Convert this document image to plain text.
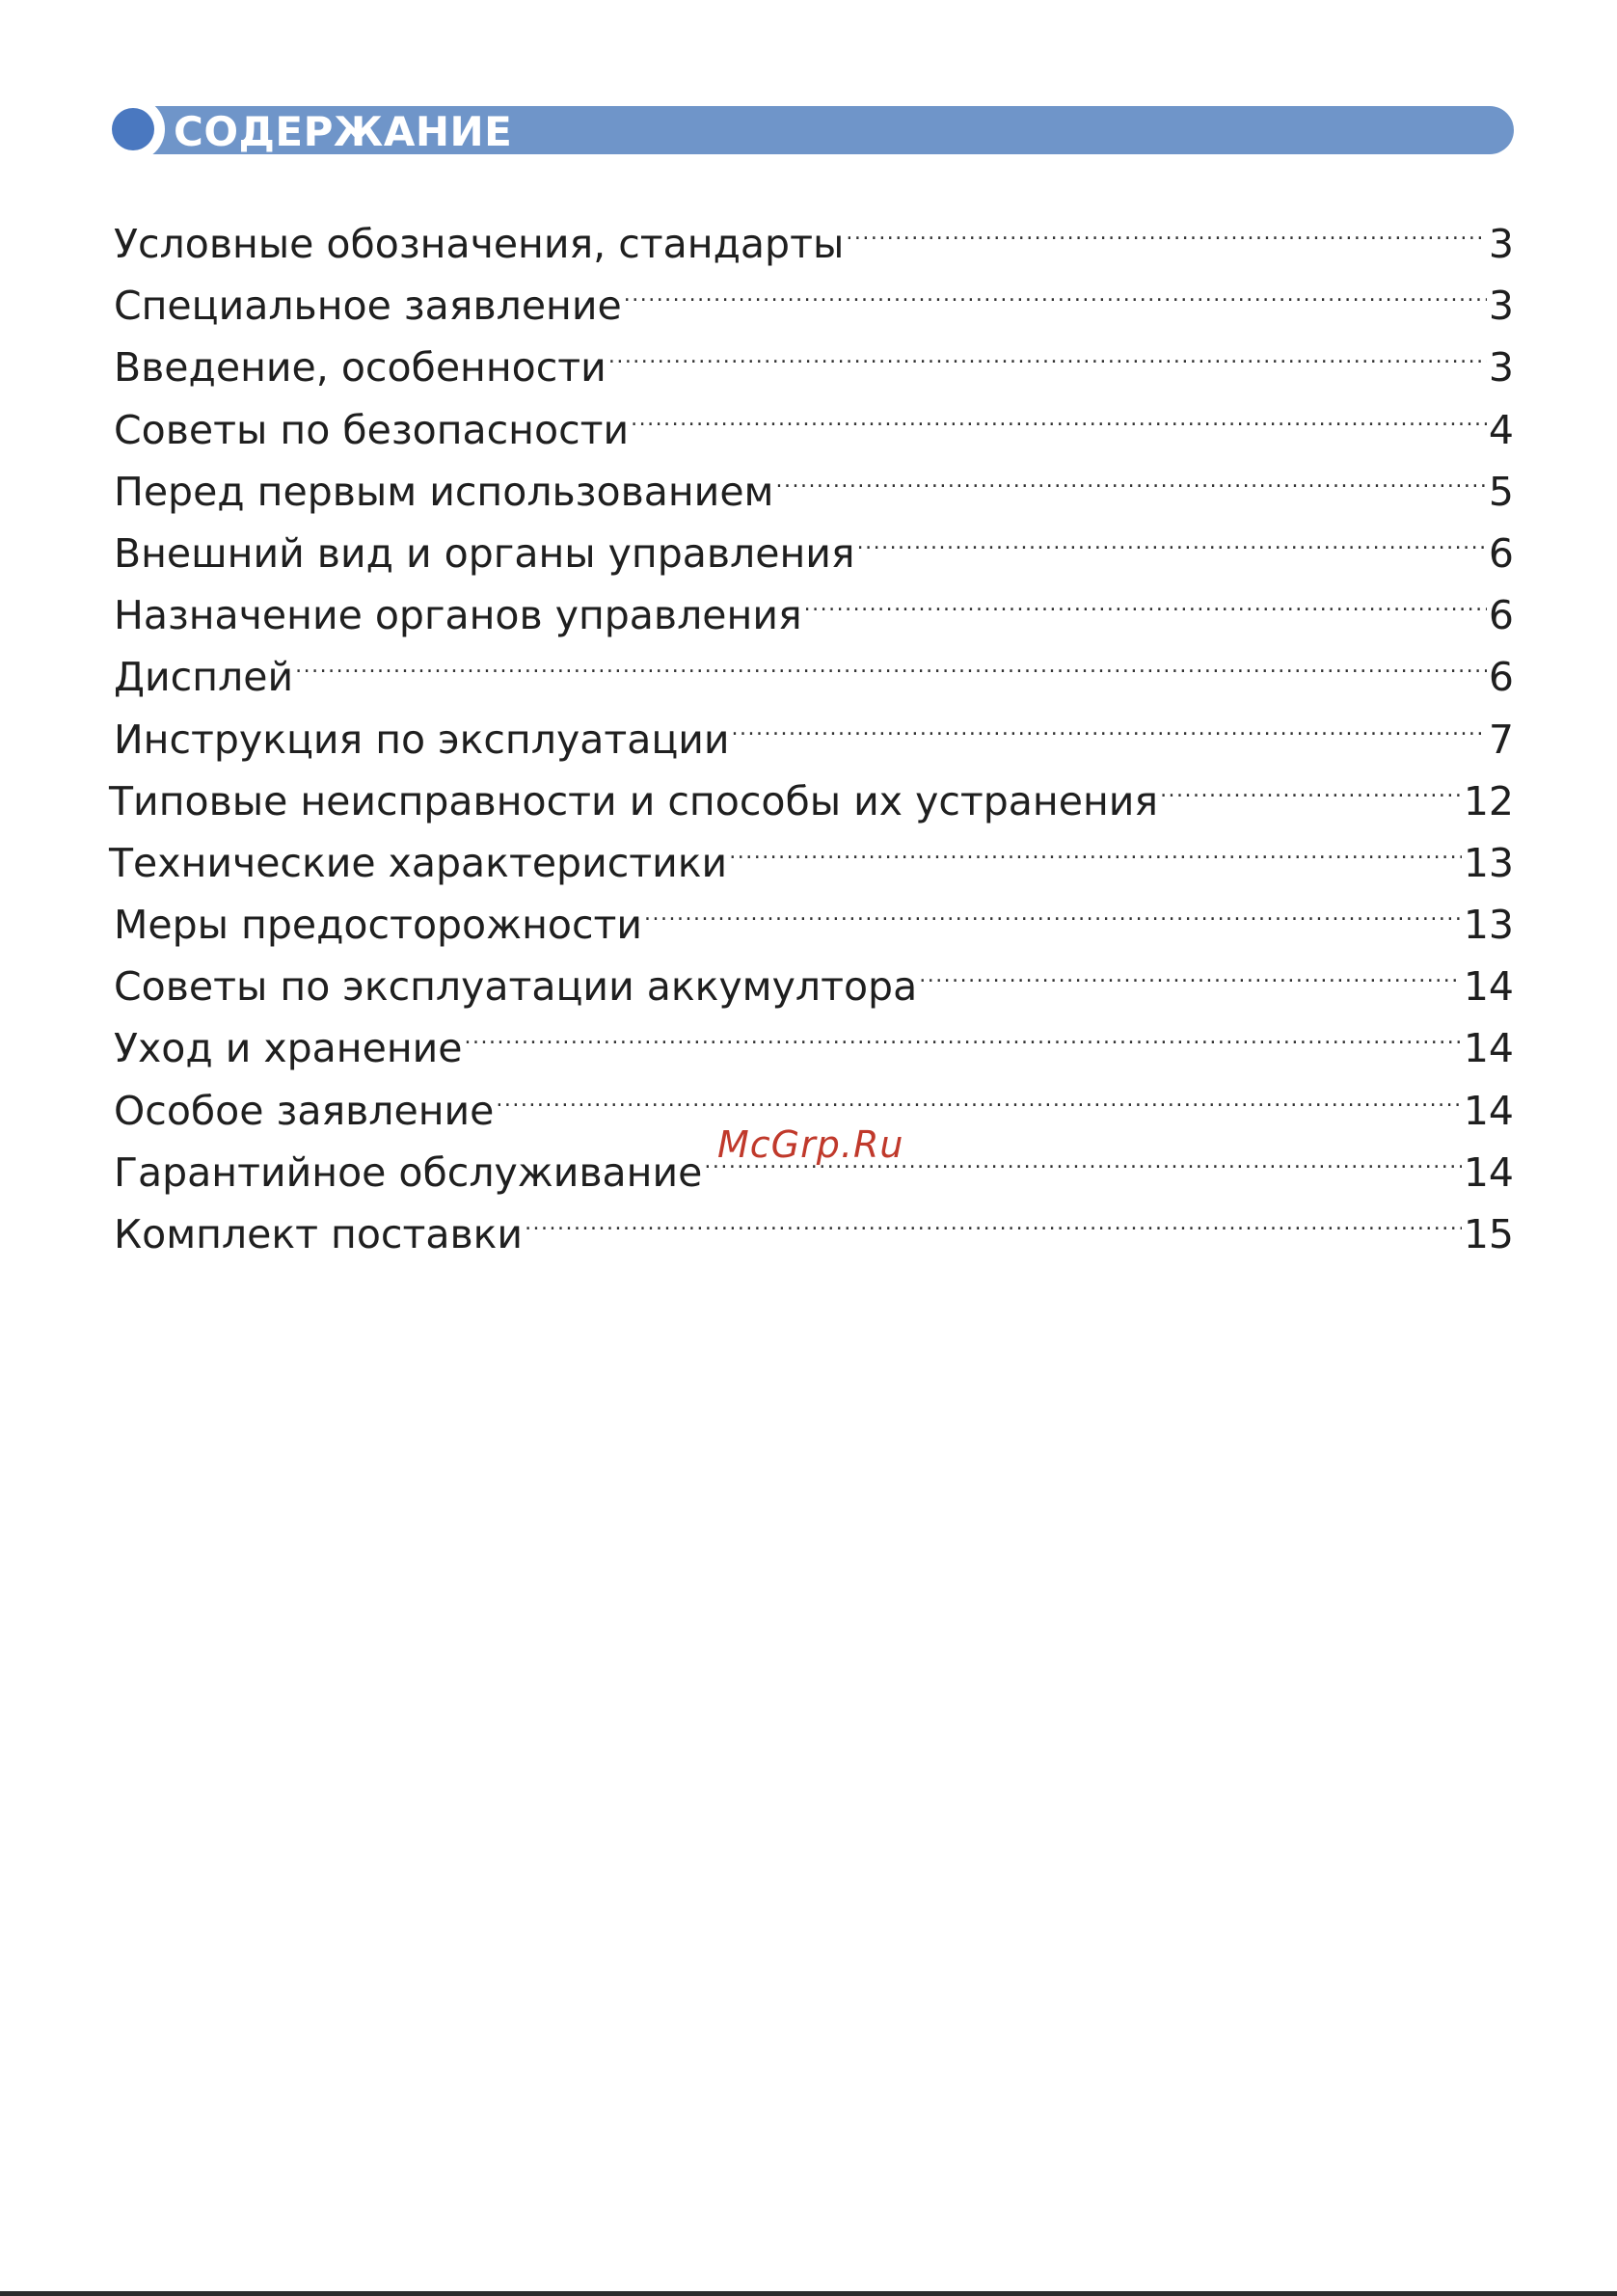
СОДЕРЖАНИЕ
Условные обозначения, стандарты .....	3
Специальное заявление .....	3
Введение, особенности .....	3
Советы по безопасности .....	4
Перед первым использованием .....	5
Внешний вид и органы управления .....	6
Назначение органов управления .....	6
Дисплей .....	6
Инструкция по эксплуатации .....	7
Типовые неисправности и способы их устранения .....	12
Технические характеристики .....	13
Меры предосторожности .....	13
Советы по эксплуатации аккумултора .....	14
Уход и хранение .....	14
Особое заявление .....	14
Гарантийное обслуживание .....	14
Комплект поставки .....	15
McGrp.Ru
